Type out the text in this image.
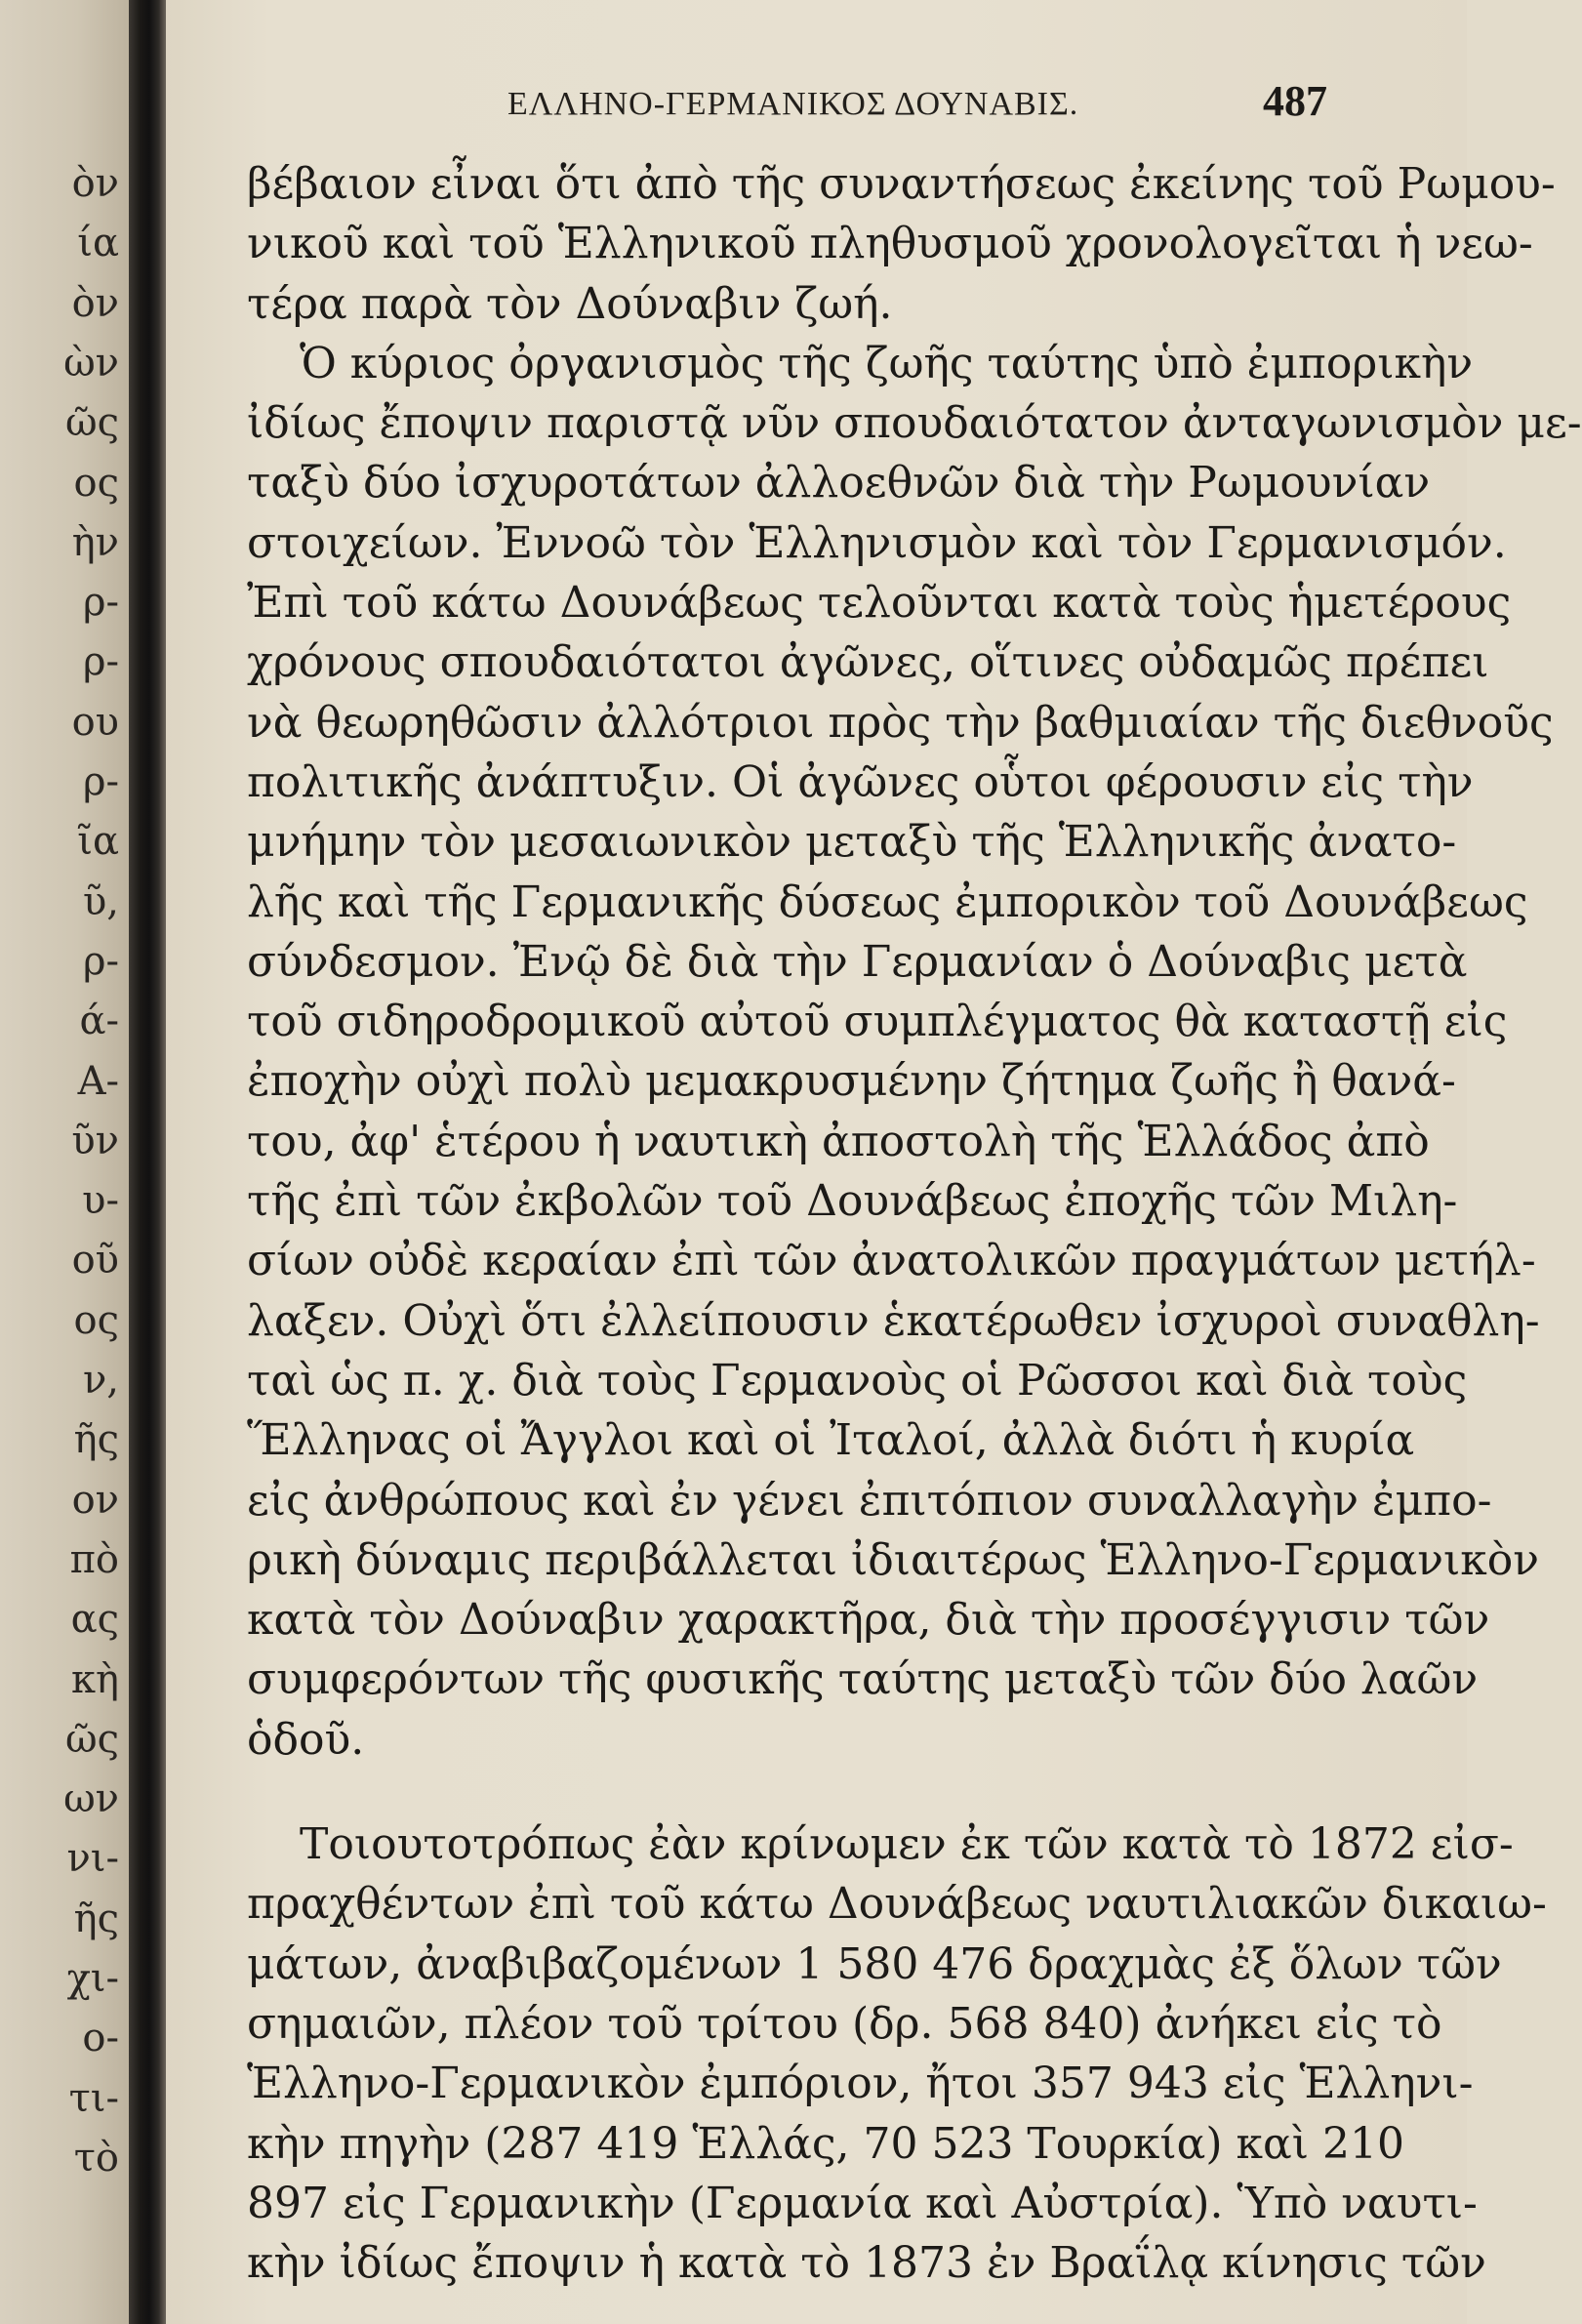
ὸν
ία
ὸν
ὼν
ῶς
ος
ὴν
ρ-
ρ-
ου
ρ-
ῖα
ῦ,
ρ-
ά-
Α-
ῦν
υ-
οῦ
ος
ν,
ῆς
ον
πὸ
ας
κὴ
ῶς
ων
νι-
ῆς
χι-
ο-
τι-
τὸ
ΕΛΛΗΝΟ-ΓΕΡΜΑΝΙΚΟΣ ΔΟΥΝΑΒΙΣ.	487
βέβαιον εἶναι ὅτι ἀπὸ τῆς συναντήσεως ἐκείνης τοῦ Ρωμου-
νικοῦ καὶ τοῦ Ἑλληνικοῦ πληθυσμοῦ χρονολογεῖται ἡ νεω-
τέρα παρὰ τὸν Δούναβιν ζωή.
Ὁ κύριος ὀργανισμὸς τῆς ζωῆς ταύτης ὑπὸ ἐμπορικὴν
ἰδίως ἔποψιν παριστᾷ νῦν σπουδαιότατον ἀνταγωνισμὸν με-
ταξὺ δύο ἰσχυροτάτων ἀλλοεθνῶν διὰ τὴν Ρωμουνίαν
στοιχείων. Ἐννοῶ τὸν Ἑλληνισμὸν καὶ τὸν Γερμανισμόν.
Ἐπὶ τοῦ κάτω Δουνάβεως τελοῦνται κατὰ τοὺς ἡμετέρους
χρόνους σπουδαιότατοι ἀγῶνες, οἵτινες οὐδαμῶς πρέπει
νὰ θεωρηθῶσιν ἀλλότριοι πρὸς τὴν βαθμιαίαν τῆς διεθνοῦς
πολιτικῆς ἀνάπτυξιν. Οἱ ἀγῶνες οὗτοι φέρουσιν εἰς τὴν
μνήμην τὸν μεσαιωνικὸν μεταξὺ τῆς Ἑλληνικῆς ἀνατο-
λῆς καὶ τῆς Γερμανικῆς δύσεως ἐμπορικὸν τοῦ Δουνάβεως
σύνδεσμον. Ἐνῷ δὲ διὰ τὴν Γερμανίαν ὁ Δούναβις μετὰ
τοῦ σιδηροδρομικοῦ αὐτοῦ συμπλέγματος θὰ καταστῇ εἰς
ἐποχὴν οὐχὶ πολὺ μεμακρυσμένην ζήτημα ζωῆς ἢ θανά-
του, ἀφ' ἑτέρου ἡ ναυτικὴ ἀποστολὴ τῆς Ἑλλάδος ἀπὸ
τῆς ἐπὶ τῶν ἐκβολῶν τοῦ Δουνάβεως ἐποχῆς τῶν Μιλη-
σίων οὐδὲ κεραίαν ἐπὶ τῶν ἀνατολικῶν πραγμάτων μετήλ-
λαξεν. Οὐχὶ ὅτι ἐλλείπουσιν ἑκατέρωθεν ἰσχυροὶ συναθλη-
ταὶ ὡς π. χ. διὰ τοὺς Γερμανοὺς οἱ Ρῶσσοι καὶ διὰ τοὺς
Ἕλληνας οἱ Ἄγγλοι καὶ οἱ Ἰταλοί, ἀλλὰ διότι ἡ κυρία
εἰς ἀνθρώπους καὶ ἐν γένει ἐπιτόπιον συναλλαγὴν ἐμπο-
ρικὴ δύναμις περιβάλλεται ἰδιαιτέρως Ἑλληνο-Γερμανικὸν
κατὰ τὸν Δούναβιν χαρακτῆρα, διὰ τὴν προσέγγισιν τῶν
συμφερόντων τῆς φυσικῆς ταύτης μεταξὺ τῶν δύο λαῶν
ὁδοῦ.
Τοιουτοτρόπως ἐὰν κρίνωμεν ἐκ τῶν κατὰ τὸ 1872 εἰσ-
πραχθέντων ἐπὶ τοῦ κάτω Δουνάβεως ναυτιλιακῶν δικαιω-
μάτων, ἀναβιβαζομένων 1 580 476 δραχμὰς ἐξ ὅλων τῶν
σημαιῶν, πλέον τοῦ τρίτου (δρ. 568 840) ἀνήκει εἰς τὸ
Ἑλληνο-Γερμανικὸν ἐμπόριον, ἤτοι 357 943 εἰς Ἑλληνι-
κὴν πηγὴν (287 419 Ἑλλάς, 70 523 Τουρκία) καὶ 210
897 εἰς Γερμανικὴν (Γερμανία καὶ Αὐστρία). Ὑπὸ ναυτι-
κὴν ἰδίως ἔποψιν ἡ κατὰ τὸ 1873 ἐν Βραΐλᾳ κίνησις τῶν
